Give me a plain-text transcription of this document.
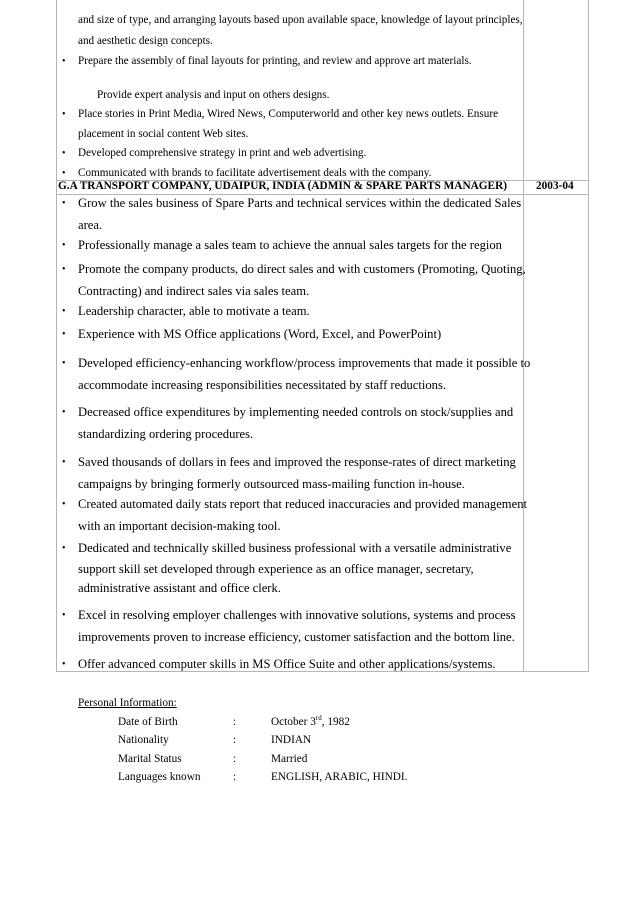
and size of type, and arranging layouts based upon available space, knowledge of layout principles,
and aesthetic design concepts.
• Prepare the assembly of final layouts for printing, and review and approve art materials.
Provide expert analysis and input on others designs.
• Place stories in Print Media, Wired News, Computerworld and other key news outlets. Ensure
placement in social content Web sites.
• Developed comprehensive strategy in print and web advertising.
• Communicated with brands to facilitate advertisement deals with the company.
G.A TRANSPORT COMPANY, UDAIPUR, INDIA (ADMIN & SPARE PARTS MANAGER)	2003-04
• Grow the sales business of Spare Parts and technical services within the dedicated Sales
area.
• Professionally manage a sales team to achieve the annual sales targets for the region
• Promote the company products, do direct sales and with customers (Promoting, Quoting,
Contracting) and indirect sales via sales team.
• Leadership character, able to motivate a team.
• Experience with MS Office applications (Word, Excel, and PowerPoint)
• Developed efficiency-enhancing workflow/process improvements that made it possible to
accommodate increasing responsibilities necessitated by staff reductions.
• Decreased office expenditures by implementing needed controls on stock/supplies and
standardizing ordering procedures.
• Saved thousands of dollars in fees and improved the response-rates of direct marketing
campaigns by bringing formerly outsourced mass-mailing function in-house.
• Created automated daily stats report that reduced inaccuracies and provided management
with an important decision-making tool.
• Dedicated and technically skilled business professional with a versatile administrative
support skill set developed through experience as an office manager, secretary,
administrative assistant and office clerk.
• Excel in resolving employer challenges with innovative solutions, systems and process
improvements proven to increase efficiency, customer satisfaction and the bottom line.
• Offer advanced computer skills in MS Office Suite and other applications/systems.
Personal Information:
Date of Birth	:	October 3rd, 1982
Nationality	:	INDIAN
Marital Status	:	Married
Languages known	:	ENGLISH, ARABIC, HINDI.
